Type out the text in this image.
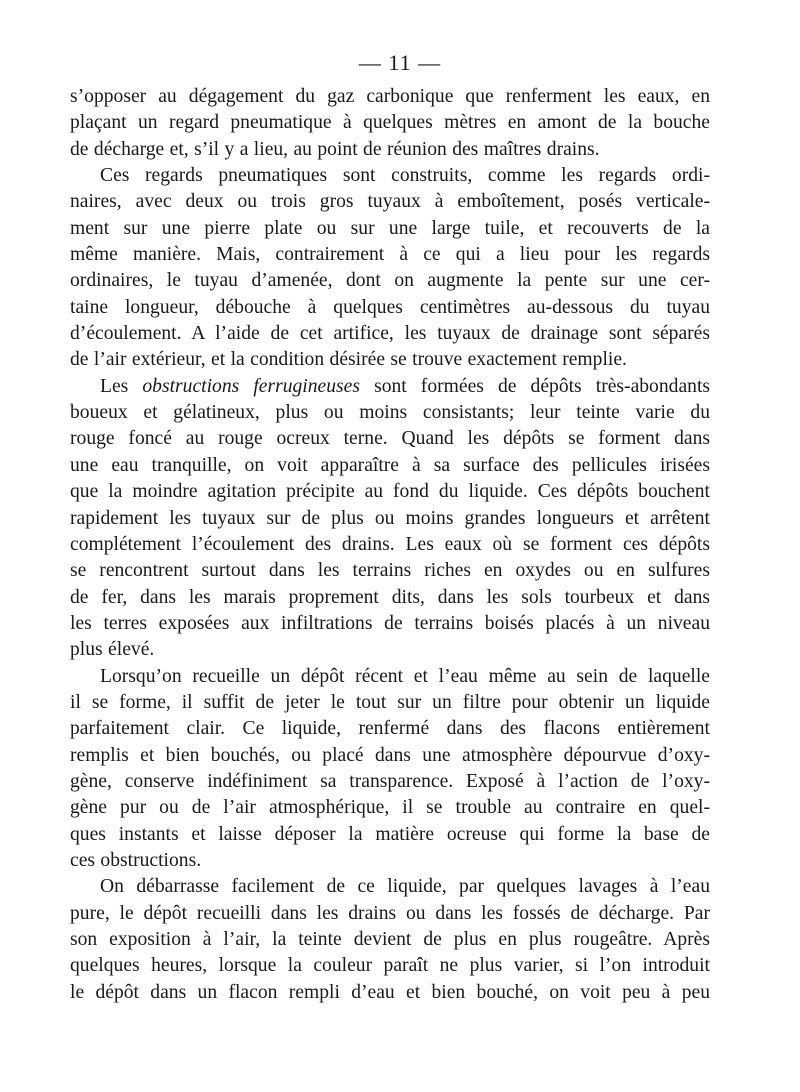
— 11 —
s’opposer au dégagement du gaz carbonique que renferment les eaux, en
plaçant un regard pneumatique à quelques mètres en amont de la bouche
de décharge et, s’il y a lieu, au point de réunion des maîtres drains.
Ces regards pneumatiques sont construits, comme les regards ordi-
naires, avec deux ou trois gros tuyaux à emboîtement, posés verticale-
ment sur une pierre plate ou sur une large tuile, et recouverts de la
même manière. Mais, contrairement à ce qui a lieu pour les regards
ordinaires, le tuyau d’amenée, dont on augmente la pente sur une cer-
taine longueur, débouche à quelques centimètres au-dessous du tuyau
d’écoulement. A l’aide de cet artifice, les tuyaux de drainage sont séparés
de l’air extérieur, et la condition désirée se trouve exactement remplie.
Les obstructions ferrugineuses sont formées de dépôts très-abondants
boueux et gélatineux, plus ou moins consistants; leur teinte varie du
rouge foncé au rouge ocreux terne. Quand les dépôts se forment dans
une eau tranquille, on voit apparaître à sa surface des pellicules irisées
que la moindre agitation précipite au fond du liquide. Ces dépôts bouchent
rapidement les tuyaux sur de plus ou moins grandes longueurs et arrêtent
complétement l’écoulement des drains. Les eaux où se forment ces dépôts
se rencontrent surtout dans les terrains riches en oxydes ou en sulfures
de fer, dans les marais proprement dits, dans les sols tourbeux et dans
les terres exposées aux infiltrations de terrains boisés placés à un niveau
plus élevé.
Lorsqu’on recueille un dépôt récent et l’eau même au sein de laquelle
il se forme, il suffit de jeter le tout sur un filtre pour obtenir un liquide
parfaitement clair. Ce liquide, renfermé dans des flacons entièrement
remplis et bien bouchés, ou placé dans une atmosphère dépourvue d’oxy-
gène, conserve indéfiniment sa transparence. Exposé à l’action de l’oxy-
gène pur ou de l’air atmosphérique, il se trouble au contraire en quel-
ques instants et laisse déposer la matière ocreuse qui forme la base de
ces obstructions.
On débarrasse facilement de ce liquide, par quelques lavages à l’eau
pure, le dépôt recueilli dans les drains ou dans les fossés de décharge. Par
son exposition à l’air, la teinte devient de plus en plus rougeâtre. Après
quelques heures, lorsque la couleur paraît ne plus varier, si l’on introduit
le dépôt dans un flacon rempli d’eau et bien bouché, on voit peu à peu
